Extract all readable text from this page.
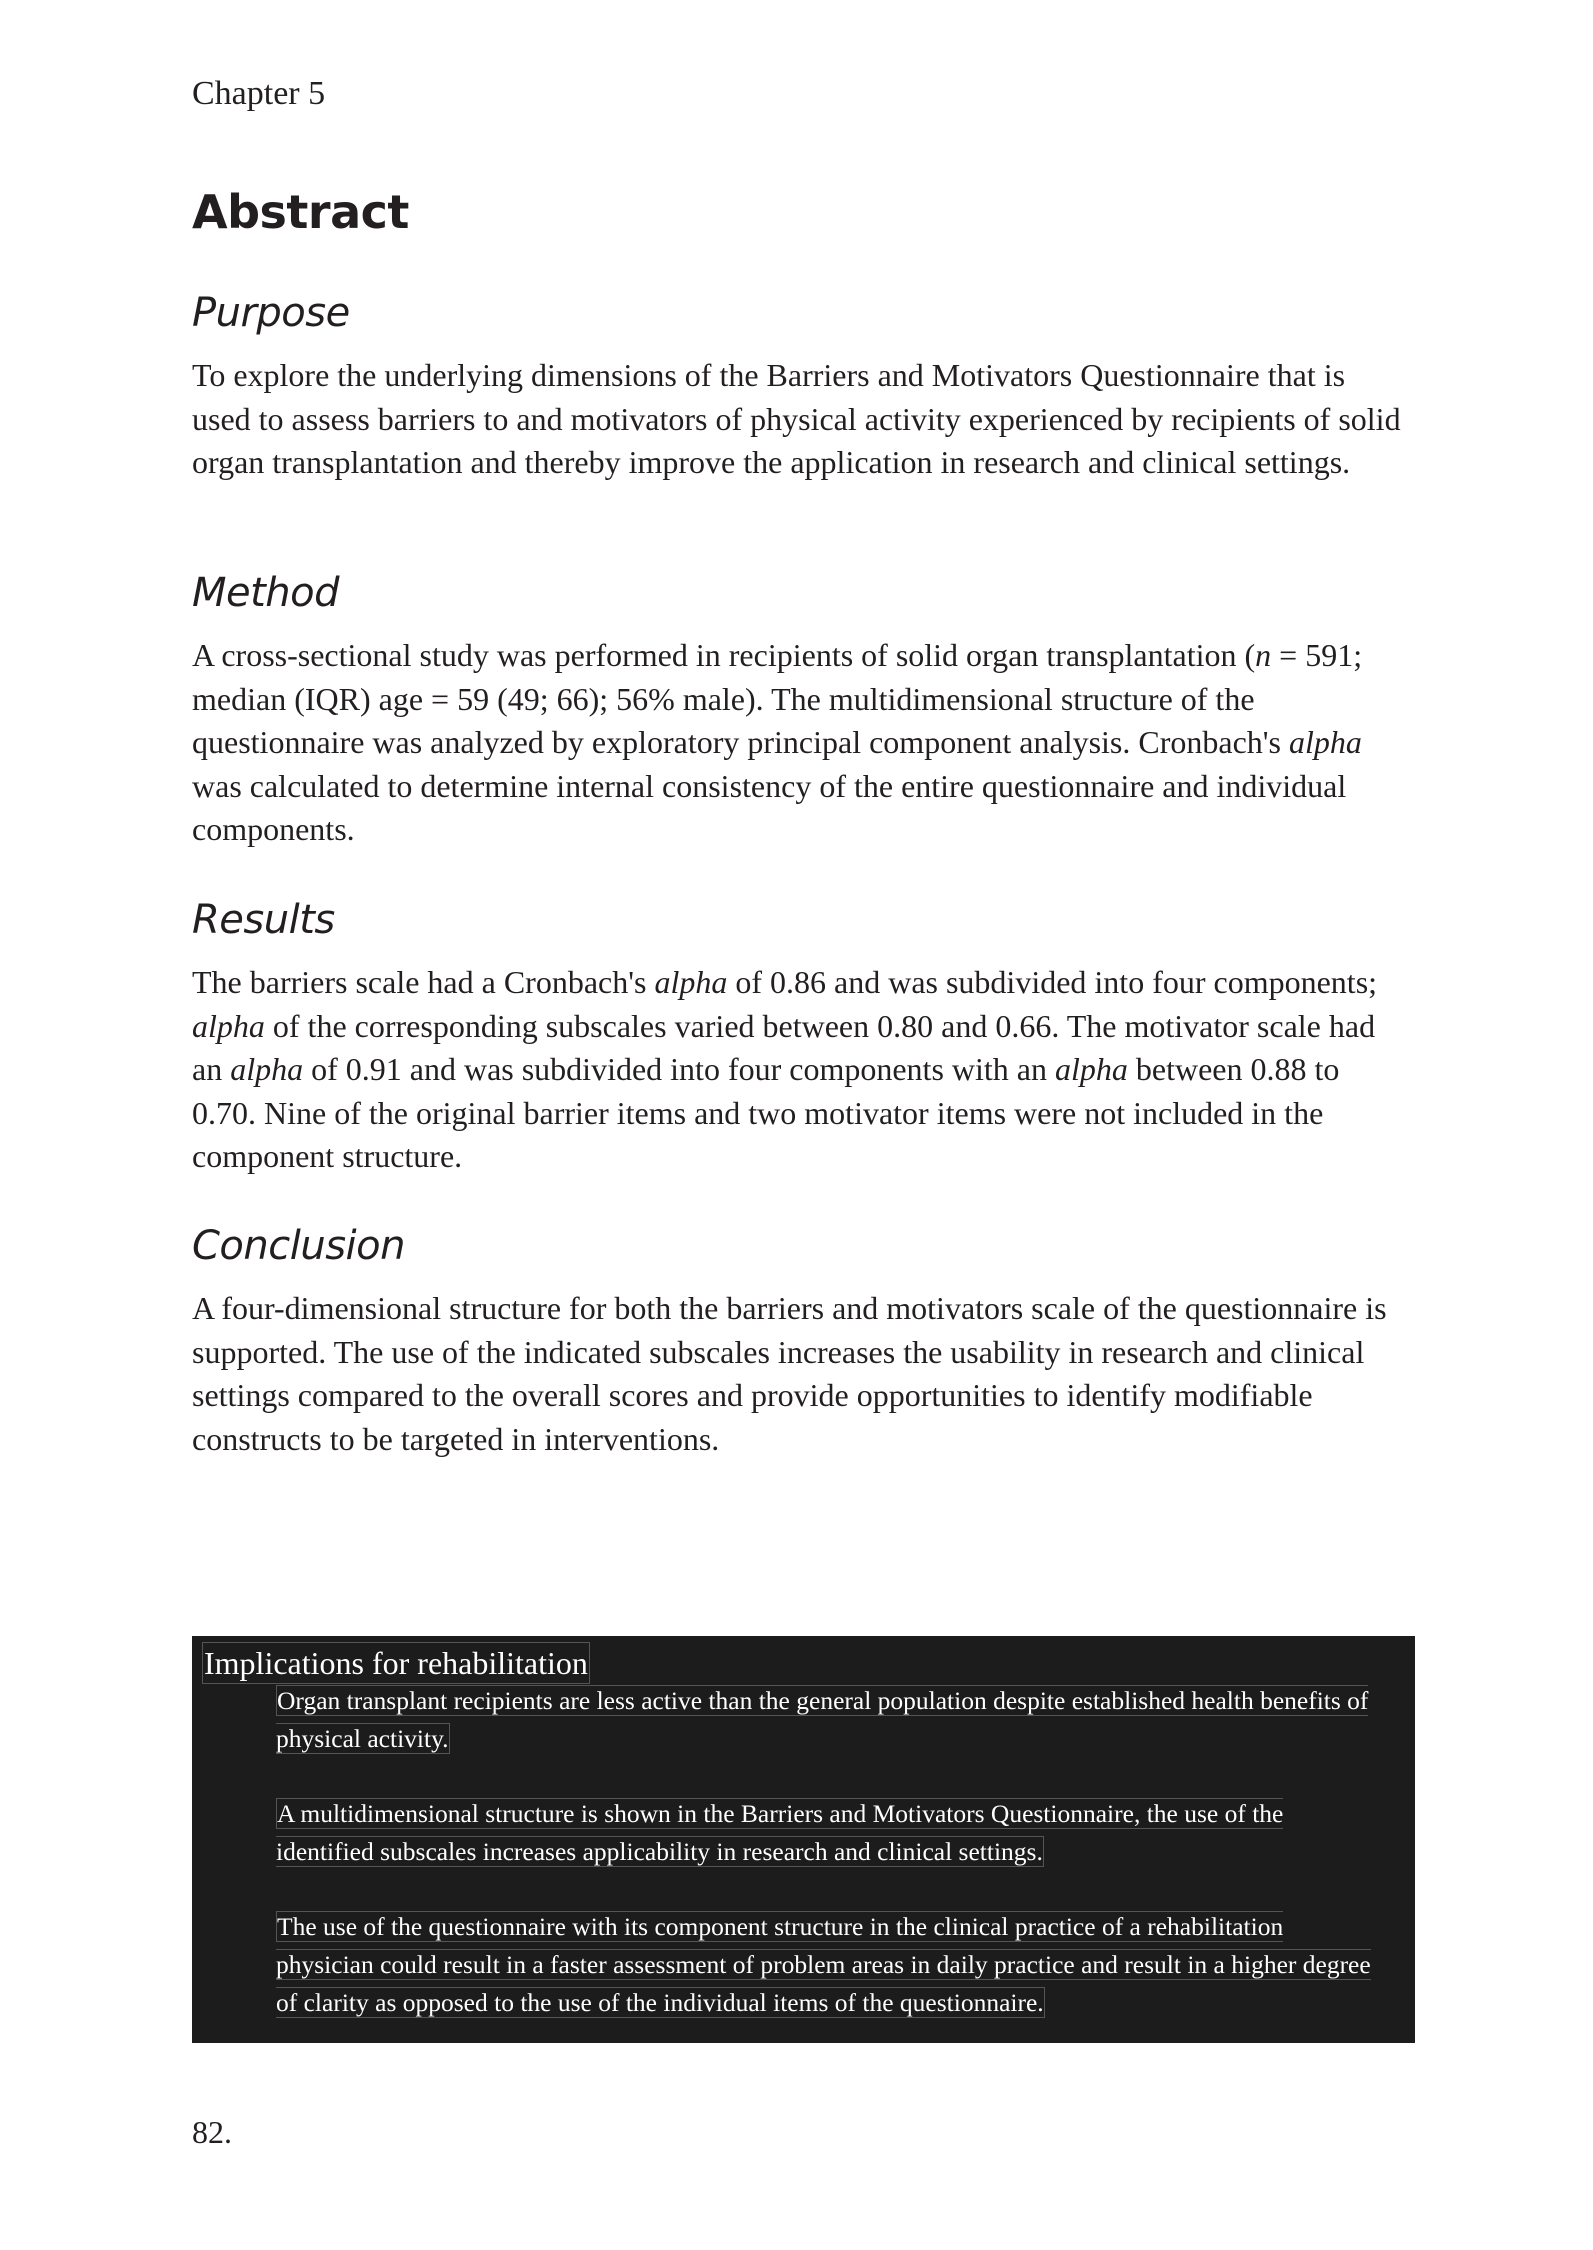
Chapter 5

Abstract
Purpose

To explore the underlying dimensions of the Barriers and Motivators Questionnaire that is used to assess barriers to and motivators of physical activity experienced by recipients of solid organ transplantation and thereby improve the application in research and clinical settings.

Method

A cross-sectional study was performed in recipients of solid organ transplantation (n = 591; median (IQR) age = 59 (49; 66); 56% male). The multidimensional structure of the questionnaire was analyzed by exploratory principal component analysis. Cronbach's alpha was calculated to determine internal consistency of the entire questionnaire and individual components.

Results

The barriers scale had a Cronbach's alpha of 0.86 and was subdivided into four components; alpha of the corresponding subscales varied between 0.80 and 0.66. The motivator scale had an alpha of 0.91 and was subdivided into four components with an alpha between 0.88 to 0.70. Nine of the original barrier items and two motivator items were not included in the component structure.

Conclusion

A four-dimensional structure for both the barriers and motivators scale of the questionnaire is supported. The use of the indicated subscales increases the usability in research and clinical settings compared to the overall scores and provide opportunities to identify modifiable constructs to be targeted in interventions.

Implications for rehabilitation

Organ transplant recipients are less active than the general population despite established health benefits of physical activity.
A multidimensional structure is shown in the Barriers and Motivators Questionnaire, the use of the identified subscales increases applicability in research and clinical settings.
The use of the questionnaire with its component structure in the clinical practice of a rehabilitation physician could result in a faster assessment of problem areas in daily practice and result in a higher degree of clarity as opposed to the use of the individual items of the questionnaire.

82.
